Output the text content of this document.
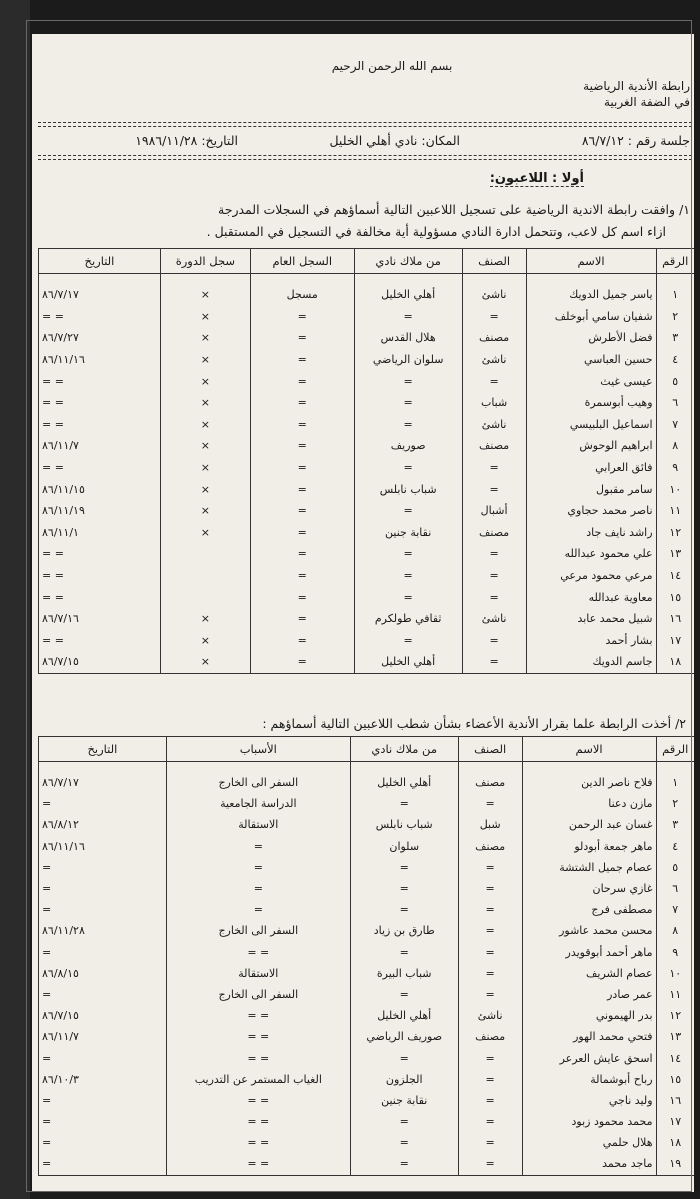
بسم الله الرحمن الرحيم
رابطة الأندية الرياضية
في الضفة الغربية
جلسة رقم : ٨٦/٧/١٢
المكان: نادي أهلي الخليل
التاريخ: ١٩٨٦/١١/٢٨
أولا : اللاعبون:
١/ وافقت رابطة الاندية الرياضية على تسجيل اللاعبين التالية أسماؤهم في السجلات المدرجة
ازاء اسم كل لاعب، وتتحمل ادارة النادي مسؤولية أية مخالفة في التسجيل في المستقبل .
الرقم	الاسم	الصنف	من ملاك نادي	السجل العام	سجل الدورة	التاريخ

١	ياسر جميل الدويك	ناشئ	أهلي الخليل	مسجل	×	٨٦/٧/١٧
٢	شفيان سامي أبوخلف	=	=	=	×	= =
٣	فضل الأطرش	مصنف	هلال القدس	=	×	٨٦/٧/٢٧
٤	حسين العباسي	ناشئ	سلوان الرياضي	=	×	٨٦/١١/١٦
٥	عيسى غيث	=	=	=	×	= =
٦	وهيب أبوسمرة	شباب	=	=	×	= =
٧	اسماعيل البلبيسي	ناشئ	=	=	×	= =
٨	ابراهيم الوحوش	مصنف	صوريف	=	×	٨٦/١١/٧
٩	فائق العرابي	=	=	=	×	= =
١٠	سامر مقبول	=	شباب نابلس	=	×	٨٦/١١/١٥
١١	ناصر محمد حجاوي	أشبال	=	=	×	٨٦/١١/١٩
١٢	راشد نايف جاد	مصنف	نقابة جنين	=	×	٨٦/١١/١
١٣	علي محمود عبدالله	=	=	=		= =
١٤	مرعي محمود مرعي	=	=	=		= =
١٥	معاوية عبدالله	=	=	=		= =
١٦	شبيل محمد عابد	ناشئ	ثقافي طولكرم	=	×	٨٦/٧/١٦
١٧	بشار أحمد	=	=	=	×	= =
١٨	جاسم الدويك	=	أهلي الخليل	=	×	٨٦/٧/١٥
٢/ أخذت الرابطة علما بقرار الأندية الأعضاء بشأن شطب اللاعبين التالية أسماؤهم :
الرقم	الاسم	الصنف	من ملاك نادي	الأسباب	التاريخ

١	فلاح ناصر الدين	مصنف	أهلي الخليل	السفر الى الخارج	٨٦/٧/١٧
٢	مازن دعنا	=	=	الدراسة الجامعية	=
٣	غسان عبد الرحمن	شبل	شباب نابلس	الاستقالة	٨٦/٨/١٢
٤	ماهر جمعة أبودلو	مصنف	سلوان	=	٨٦/١١/١٦
٥	عصام جميل الشتشة	=	=	=	=
٦	غازي سرحان	=	=	=	=
٧	مصطفى فرج	=	=	=	=
٨	محسن محمد عاشور	=	طارق بن زياد	السفر الى الخارج	٨٦/١١/٢٨
٩	ماهر أحمد أبوقويدر	=	=	= =	=
١٠	عصام الشريف	=	شباب البيرة	الاستقالة	٨٦/٨/١٥
١١	عمر صادر	=	=	السفر الى الخارج	=
١٢	بدر الهيموني	ناشئ	أهلي الخليل	= =	٨٦/٧/١٥
١٣	فتحي محمد الهور	مصنف	صوريف الرياضي	= =	٨٦/١١/٧
١٤	اسحق عايش العرعر	=	=	= =	=
١٥	رباح أبوشمالة	=	الجلزون	الغياب المستمر عن التدريب	٨٦/١٠/٣
١٦	وليد ناجي	=	نقابة جنين	= =	=
١٧	محمد محمود زبود	=	=	= =	=
١٨	هلال حلمي	=	=	= =	=
١٩	ماجد محمد	=	=	= =	=
